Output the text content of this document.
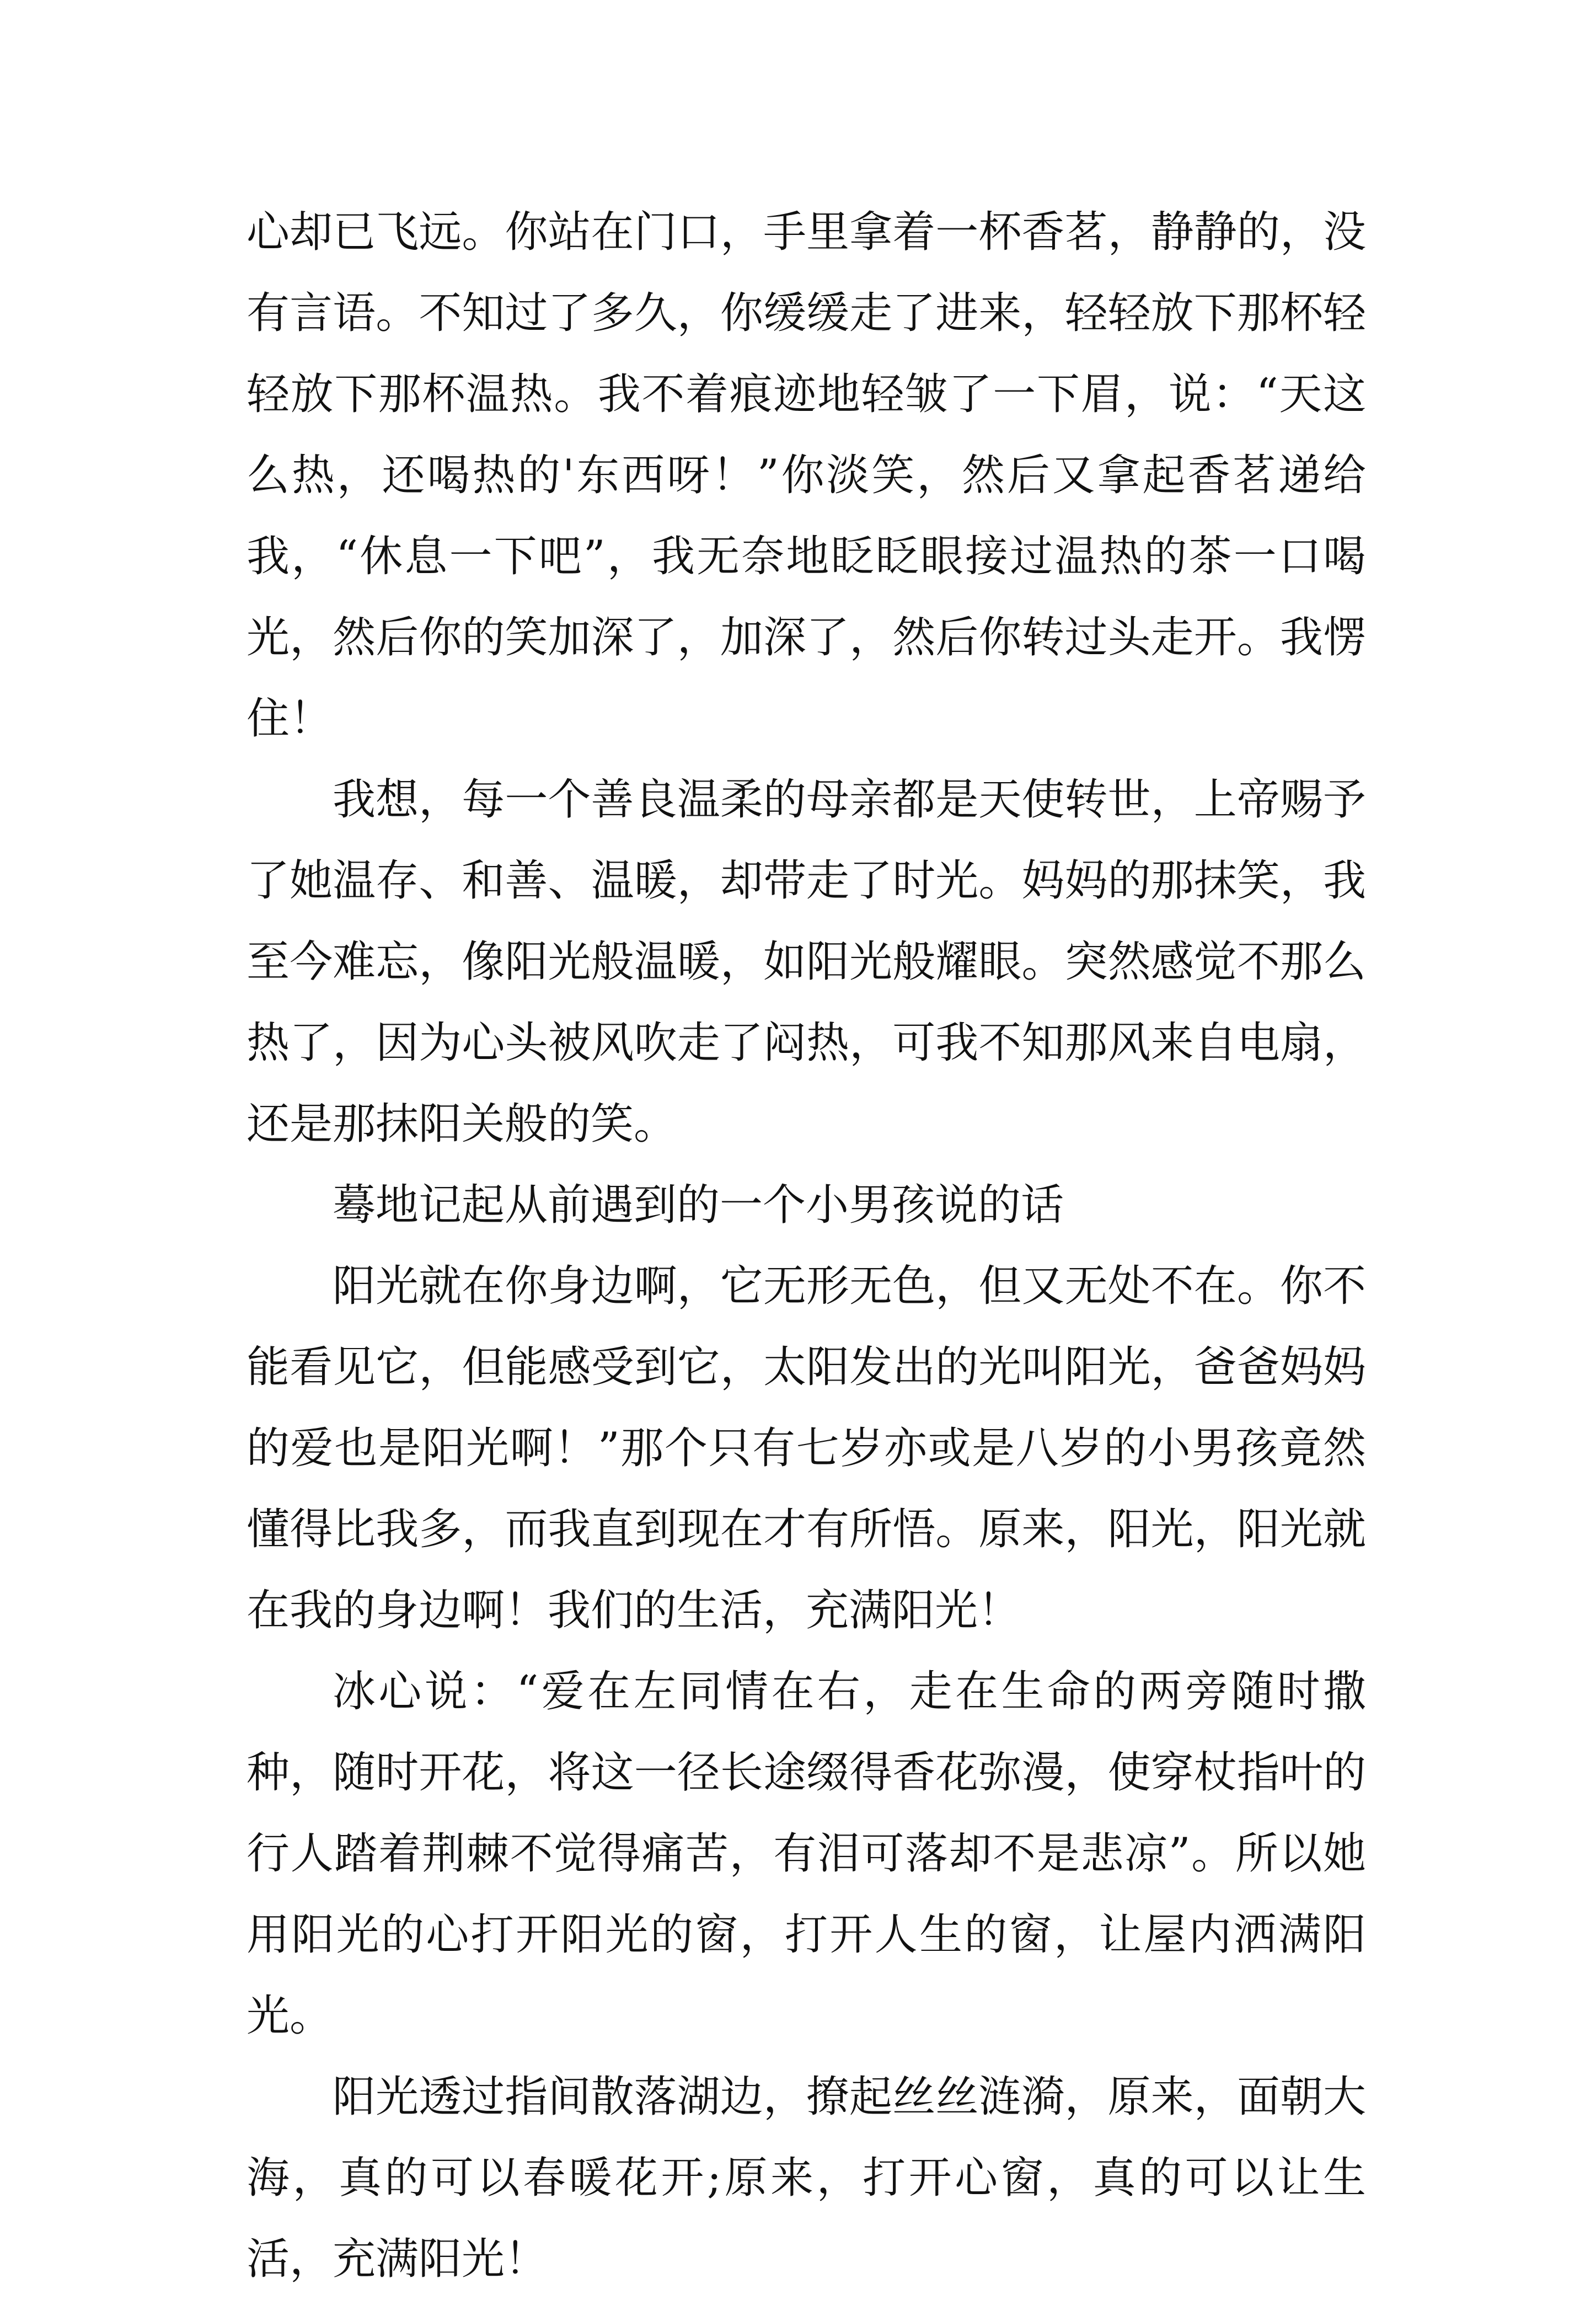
心却已飞远。你站在门口，手里拿着一杯香茗，静静的，没有言语。不知过了多久，你缓缓走了进来，轻轻放下那杯轻轻放下那杯温热。我不着痕迹地轻皱了一下眉，说：“天这么热，还喝热的'东西呀！”你淡笑，然后又拿起香茗递给我，“休息一下吧”，我无奈地眨眨眼接过温热的茶一口喝光，然后你的笑加深了，加深了，然后你转过头走开。我愣住！

我想，每一个善良温柔的母亲都是天使转世，上帝赐予了她温存、和善、温暖，却带走了时光。妈妈的那抹笑，我至今难忘，像阳光般温暖，如阳光般耀眼。突然感觉不那么热了，因为心头被风吹走了闷热，可我不知那风来自电扇，还是那抹阳关般的笑。

蓦地记起从前遇到的一个小男孩说的话

阳光就在你身边啊，它无形无色，但又无处不在。你不能看见它，但能感受到它，太阳发出的光叫阳光，爸爸妈妈的爱也是阳光啊！”那个只有七岁亦或是八岁的小男孩竟然懂得比我多，而我直到现在才有所悟。原来，阳光，阳光就在我的身边啊！我们的生活，充满阳光！

冰心说：“爱在左同情在右，走在生命的两旁随时撒种，随时开花，将这一径长途缀得香花弥漫，使穿杖指叶的行人踏着荆棘不觉得痛苦，有泪可落却不是悲凉”。所以她用阳光的心打开阳光的窗，打开人生的窗，让屋内洒满阳光。

阳光透过指间散落湖边，撩起丝丝涟漪，原来，面朝大海，真的可以春暖花开;原来，打开心窗，真的可以让生活，充满阳光！
